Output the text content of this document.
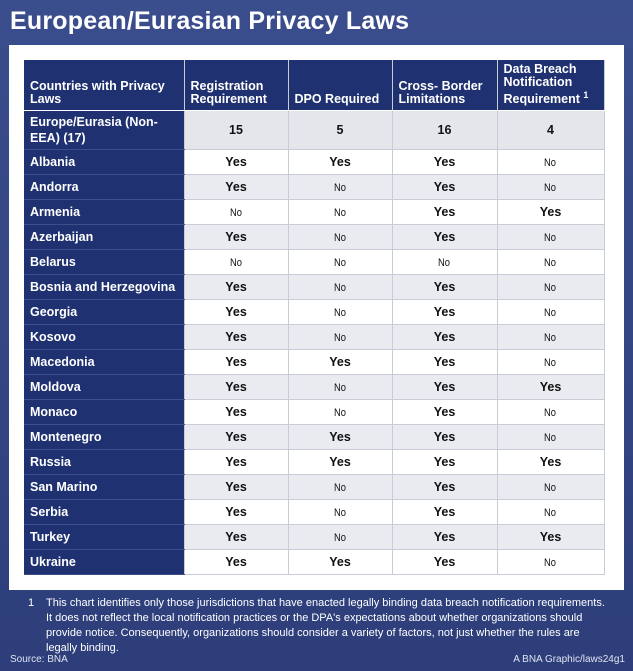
European/Eurasian Privacy Laws
Countries with Privacy Laws	Registration Requirement	DPO Required	Cross- Border Limitations	Data Breach Notification Requirement $^1$
Europe/Eurasia (Non-EEA) (17)	15	5	16	4
Albania	Yes	Yes	Yes	No
Andorra	Yes	No	Yes	No
Armenia	No	No	Yes	Yes
Azerbaijan	Yes	No	Yes	No
Belarus	No	No	No	No
Bosnia and Herzegovina	Yes	No	Yes	No
Georgia	Yes	No	Yes	No
Kosovo	Yes	No	Yes	No
Macedonia	Yes	Yes	Yes	No
Moldova	Yes	No	Yes	Yes
Monaco	Yes	No	Yes	No
Montenegro	Yes	Yes	Yes	No
Russia	Yes	Yes	Yes	Yes
San Marino	Yes	No	Yes	No
Serbia	Yes	No	Yes	No
Turkey	Yes	No	Yes	Yes
Ukraine	Yes	Yes	Yes	No
1 This chart identifies only those jurisdictions that have enacted legally binding data breach notification requirements. It does not reflect the local notification practices or the DPA's expectations about whether organizations should provide notice. Consequently, organizations should consider a variety of factors, not just whether the rules are legally binding.
Source: BNA	A BNA Graphic/laws24g1
